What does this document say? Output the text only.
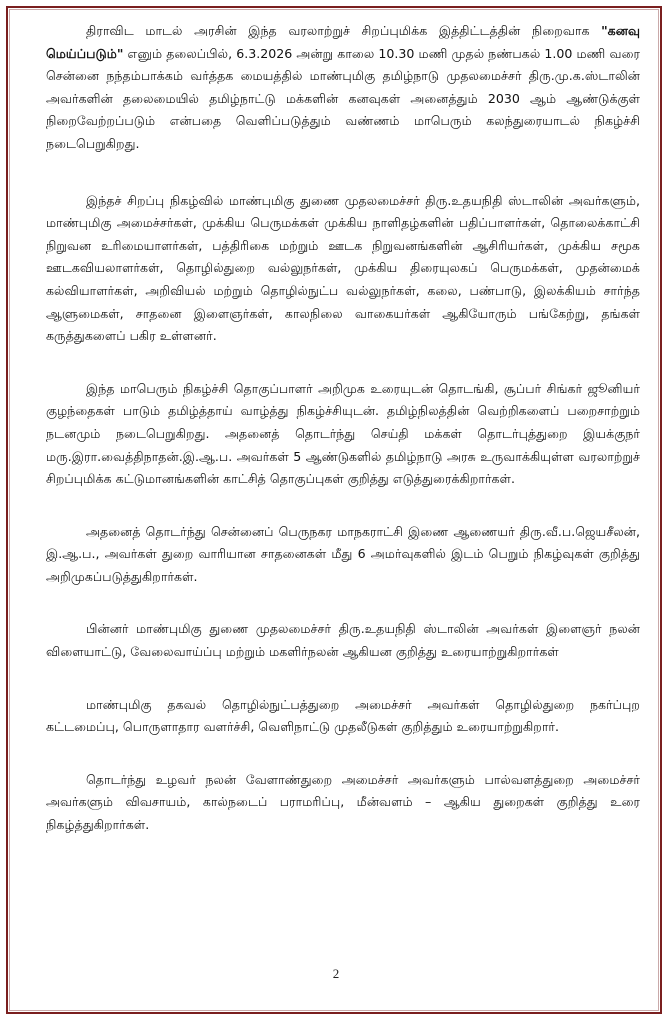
திராவிட மாடல் அரசின் இந்த வரலாற்றுச் சிறப்புமிக்க இத்திட்டத்தின் நிறைவாக "கனவு மெய்ப்படும்" எனும் தலைப்பில், 6.3.2026 அன்று காலை 10.30 மணி முதல் நண்பகல் 1.00 மணி வரை சென்னை நந்தம்பாக்கம் வர்த்தக மையத்தில் மாண்புமிகு தமிழ்நாடு முதலமைச்சர் திரு.மு.க.ஸ்டாலின் அவர்களின் தலைமையில் தமிழ்நாட்டு மக்களின் கனவுகள் அனைத்தும் 2030 ஆம் ஆண்டுக்குள் நிறைவேற்றப்படும் என்பதை வெளிப்படுத்தும் வண்ணம் மாபெரும் கலந்துரையாடல் நிகழ்ச்சி நடைபெறுகிறது.

இந்தச் சிறப்பு நிகழ்வில் மாண்புமிகு துணை முதலமைச்சர் திரு.உதயநிதி ஸ்டாலின் அவர்களும், மாண்புமிகு அமைச்சர்கள், முக்கிய பெருமக்கள் முக்கிய நாளிதழ்களின் பதிப்பாளர்கள், தொலைக்காட்சி நிறுவன உரிமையாளர்கள், பத்திரிகை மற்றும் ஊடக நிறுவனங்களின் ஆசிரியர்கள், முக்கிய சமூக ஊடகவியலாளர்கள், தொழில்துறை வல்லுநர்கள், முக்கிய திரையுலகப் பெருமக்கள், முதன்மைக் கல்வியாளர்கள், அறிவியல் மற்றும் தொழில்நுட்ப வல்லுநர்கள், கலை, பண்பாடு, இலக்கியம் சார்ந்த ஆளுமைகள், சாதனை இளைஞர்கள், காலநிலை வாகையர்கள் ஆகியோரும் பங்கேற்று, தங்கள் கருத்துகளைப் பகிர உள்ளனர்.

இந்த மாபெரும் நிகழ்ச்சி தொகுப்பாளர் அறிமுக உரையுடன் தொடங்கி, சூப்பர் சிங்கர் ஜூனியர் குழந்தைகள் பாடும் தமிழ்த்தாய் வாழ்த்து நிகழ்ச்சியுடன். தமிழ்நிலத்தின் வெற்றிகளைப் பறைசாற்றும் நடனமும் நடைபெறுகிறது. அதனைத் தொடர்ந்து செய்தி மக்கள் தொடர்புத்துறை இயக்குநர் மரு.இரா.வைத்திநாதன்.இ.ஆ.ப. அவர்கள் 5 ஆண்டுகளில் தமிழ்நாடு அரசு உருவாக்கியுள்ள வரலாற்றுச் சிறப்புமிக்க கட்டுமானங்களின் காட்சித் தொகுப்புகள் குறித்து எடுத்துரைக்கிறார்கள்.

அதனைத் தொடர்ந்து சென்னைப் பெருநகர மாநகராட்சி இணை ஆணையர் திரு.வீ.ப.ஜெயசீலன், இ.ஆ.ப., அவர்கள் துறை வாரியான சாதனைகள் மீது 6 அமர்வுகளில் இடம் பெறும் நிகழ்வுகள் குறித்து அறிமுகப்படுத்துகிறார்கள்.

பின்னர் மாண்புமிகு துணை முதலமைச்சர் திரு.உதயநிதி ஸ்டாலின் அவர்கள் இளைஞர் நலன் விளையாட்டு, வேலைவாய்ப்பு மற்றும் மகளிர்நலன் ஆகியன குறித்து உரையாற்றுகிறார்கள்

மாண்புமிகு தகவல் தொழில்நுட்பத்துறை அமைச்சர் அவர்கள் தொழில்துறை நகர்ப்புற கட்டமைப்பு, பொருளாதார வளர்ச்சி, வெளிநாட்டு முதலீடுகள் குறித்தும் உரையாற்றுகிறார்.

தொடர்ந்து உழவர் நலன் வேளாண்துறை அமைச்சர் அவர்களும் பால்வளத்துறை அமைச்சர் அவர்களும் விவசாயம், கால்நடைப் பராமரிப்பு, மீன்வளம் – ஆகிய துறைகள் குறித்து உரை நிகழ்த்துகிறார்கள்.

2
